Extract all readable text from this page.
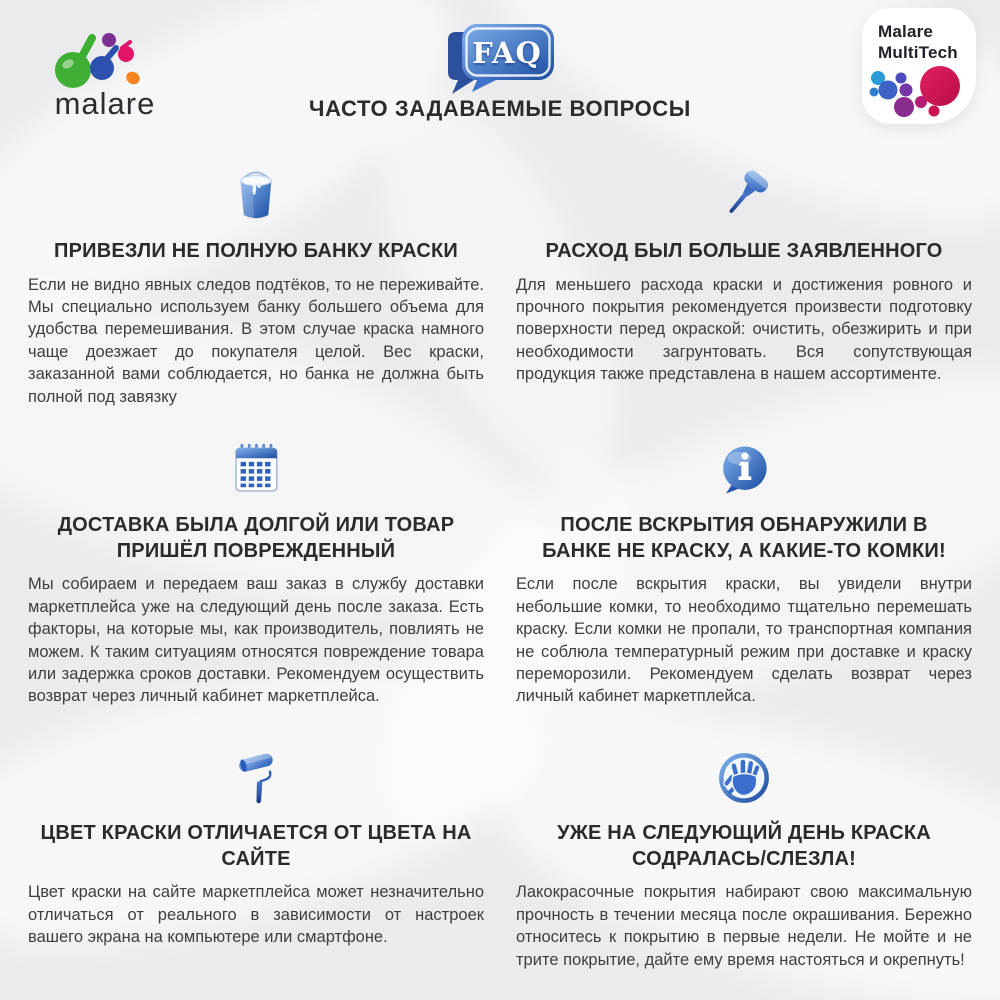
malare
FAQ
ЧАСТО ЗАДАВАЕМЫЕ ВОПРОСЫ
Malare
MultiTech
ПРИВЕЗЛИ НЕ ПОЛНУЮ БАНКУ КРАСКИ
Если не видно явных следов подтёков, то не переживайте. Мы специально используем банку большего объема для удобства перемешивания. В этом случае краска намного чаще доезжает до покупателя целой. Вес краски, заказанной вами соблюдается, но банка не должна быть полной под завязку
РАСХОД БЫЛ БОЛЬШЕ ЗАЯВЛЕННОГО
Для меньшего расхода краски и достижения ровного и прочного покрытия рекомендуется произвести подготовку поверхности перед окраской: очистить, обезжирить и при необходимости загрунтовать. Вся сопутствующая продукция также представлена в нашем ассортименте.
ДОСТАВКА БЫЛА ДОЛГОЙ ИЛИ ТОВАР ПРИШЁЛ ПОВРЕЖДЕННЫЙ
Мы собираем и передаем ваш заказ в службу доставки маркетплейса уже на следующий день после заказа. Есть факторы, на которые мы, как производитель, повлиять не можем. К таким ситуациям относятся повреждение товара или задержка сроков доставки. Рекомендуем осуществить возврат через личный кабинет маркетплейса.
ПОСЛЕ ВСКРЫТИЯ ОБНАРУЖИЛИ В БАНКЕ НЕ КРАСКУ, А КАКИЕ-ТО КОМКИ!
Если после вскрытия краски, вы увидели внутри небольшие комки, то необходимо тщательно перемешать краску. Если комки не пропали, то транспортная компания не соблюла температурный режим при доставке и краску переморозили. Рекомендуем сделать возврат через личный кабинет маркетплейса.
ЦВЕТ КРАСКИ ОТЛИЧАЕТСЯ ОТ ЦВЕТА НА САЙТЕ
Цвет краски на сайте маркетплейса может незначительно отличаться от реального в зависимости от настроек вашего экрана на компьютере или смартфоне.
УЖЕ НА СЛЕДУЮЩИЙ ДЕНЬ КРАСКА СОДРАЛАСЬ/СЛЕЗЛА!
Лакокрасочные покрытия набирают свою максимальную прочность в течении месяца после окрашивания. Бережно относитесь к покрытию в первые недели. Не мойте и не трите покрытие, дайте ему время настояться и окрепнуть!
